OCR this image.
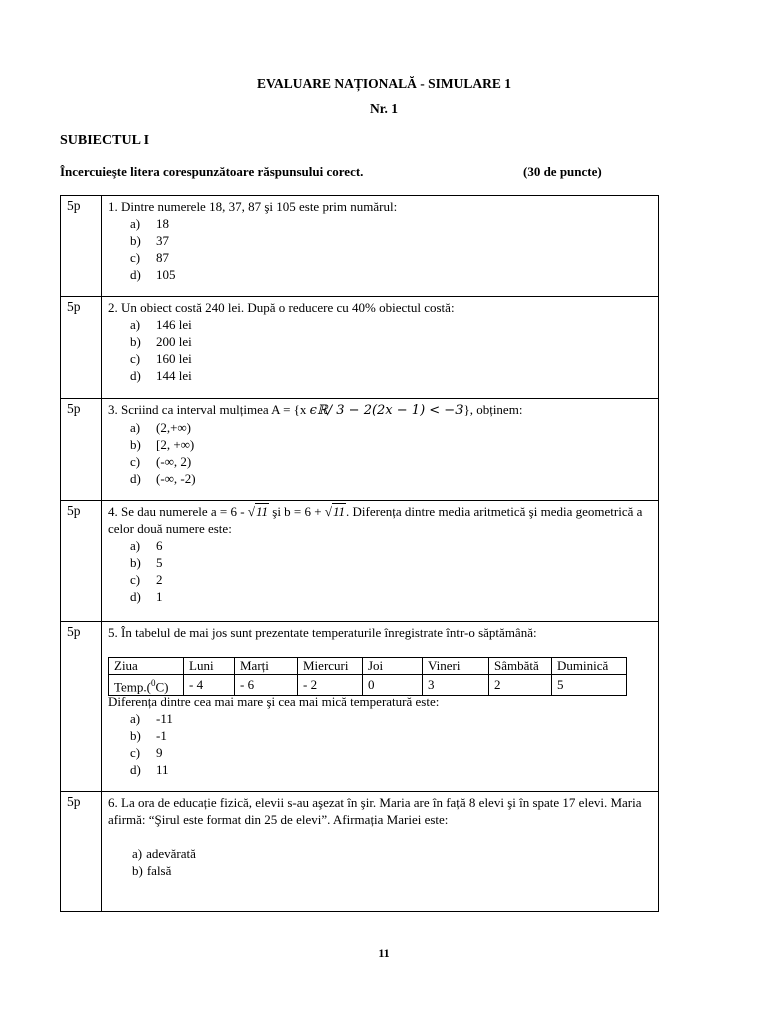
EVALUARE NAȚIONALĂ - SIMULARE 1
Nr. 1
SUBIECTUL I
Încercuieşte litera corespunzătoare răspunsului corect.	(30 de puncte)
5p 1. Dintre numerele 18, 37, 87 şi 105 este prim numărul:

a)	18
b)	37
c)	87
d)	105
5p 2. Un obiect costă 240 lei. După o reducere cu 40% obiectul costă:

a)	146 lei
b)	200 lei
c)	160 lei
d)	144 lei
5p 3. Scriind ca interval mulțimea A = {x ϵℝ/ 3 − 2(2x − 1) < −3}, obținem:

a)	(2,+∞)
b)	[2, +∞)
c)	(-∞, 2)
d)	(-∞, -2)
5p 4. Se dau numerele a = 6 - √11 şi b = 6 + √11. Diferența dintre media aritmetică şi media geometrică a celor două numere este:

a)	6
b)	5
c)	2
d)	1
5p 5. În tabelul de mai jos sunt prezentate temperaturile înregistrate într-o săptămână:

Ziua	Luni	Marți	Miercuri	Joi	Vineri	Sâmbătă	Duminică
Temp.($^0$C)	- 4	- 6	- 2	0	3	2	5

Diferența dintre cea mai mare şi cea mai mică temperatură este:

a)	-11
b)	-1
c)	9
d)	11
5p 6. La ora de educație fizică, elevii s-au aşezat în şir. Maria are în față 8 elevi şi în spate 17 elevi. Maria afirmă: “Şirul este format din 25 de elevi”. Afirmația Mariei este:

a) adevărată
b) falsă
11
